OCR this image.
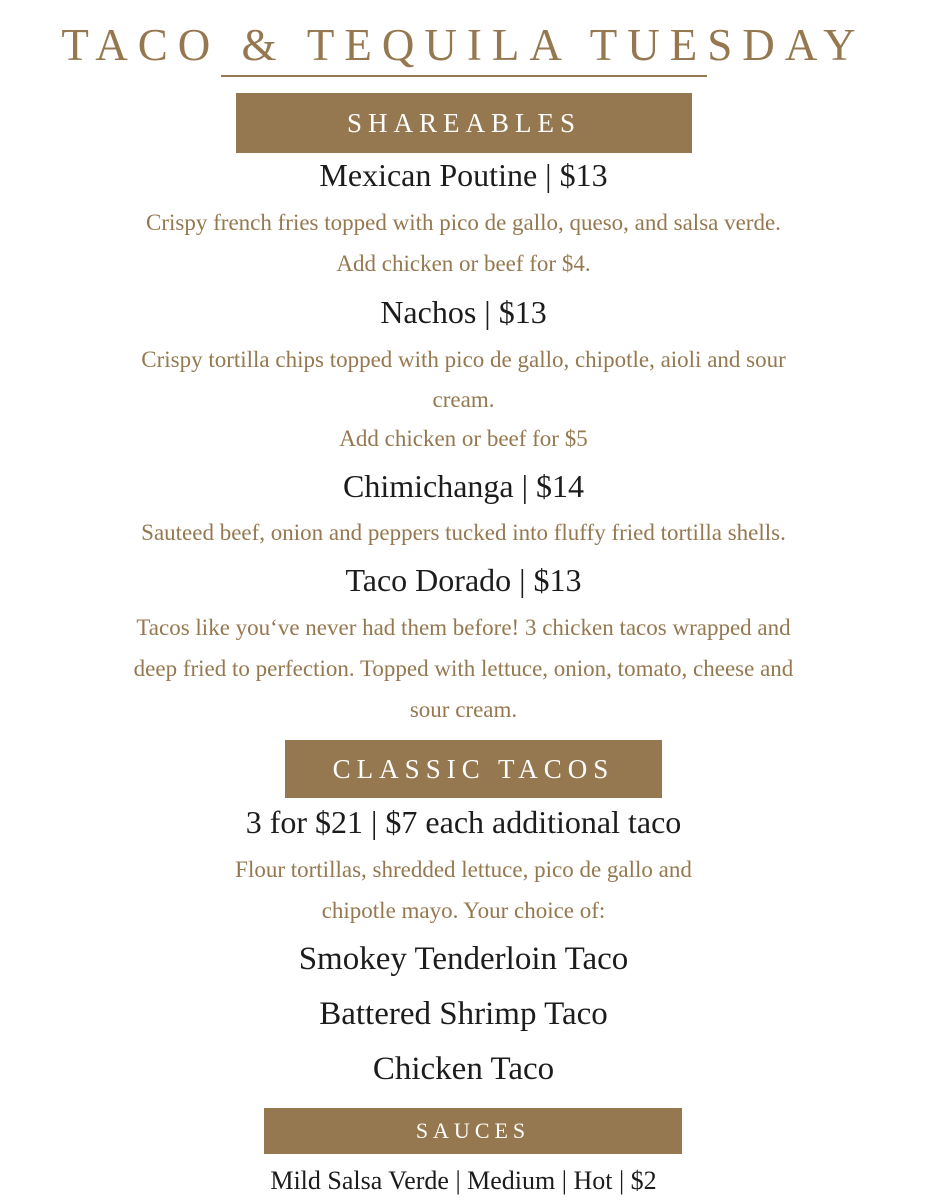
TACO & TEQUILA TUESDAY
SHAREABLES
Mexican Poutine | $13
Crispy french fries topped with pico de gallo, queso, and salsa verde.
Add chicken or beef for $4.
Nachos | $13
Crispy tortilla chips topped with pico de gallo, chipotle, aioli and sour
cream.
Add chicken or beef for $5
Chimichanga | $14
Sauteed beef, onion and peppers tucked into fluffy fried tortilla shells.
Taco Dorado | $13
Tacos like you‘ve never had them before! 3 chicken tacos wrapped and
deep fried to perfection. Topped with lettuce, onion, tomato, cheese and
sour cream.
CLASSIC TACOS
3 for $21 | $7 each additional taco
Flour tortillas, shredded lettuce, pico de gallo and
chipotle mayo. Your choice of:
Smokey Tenderloin Taco
Battered Shrimp Taco
Chicken Taco
SAUCES
Mild Salsa Verde | Medium | Hot | $2
